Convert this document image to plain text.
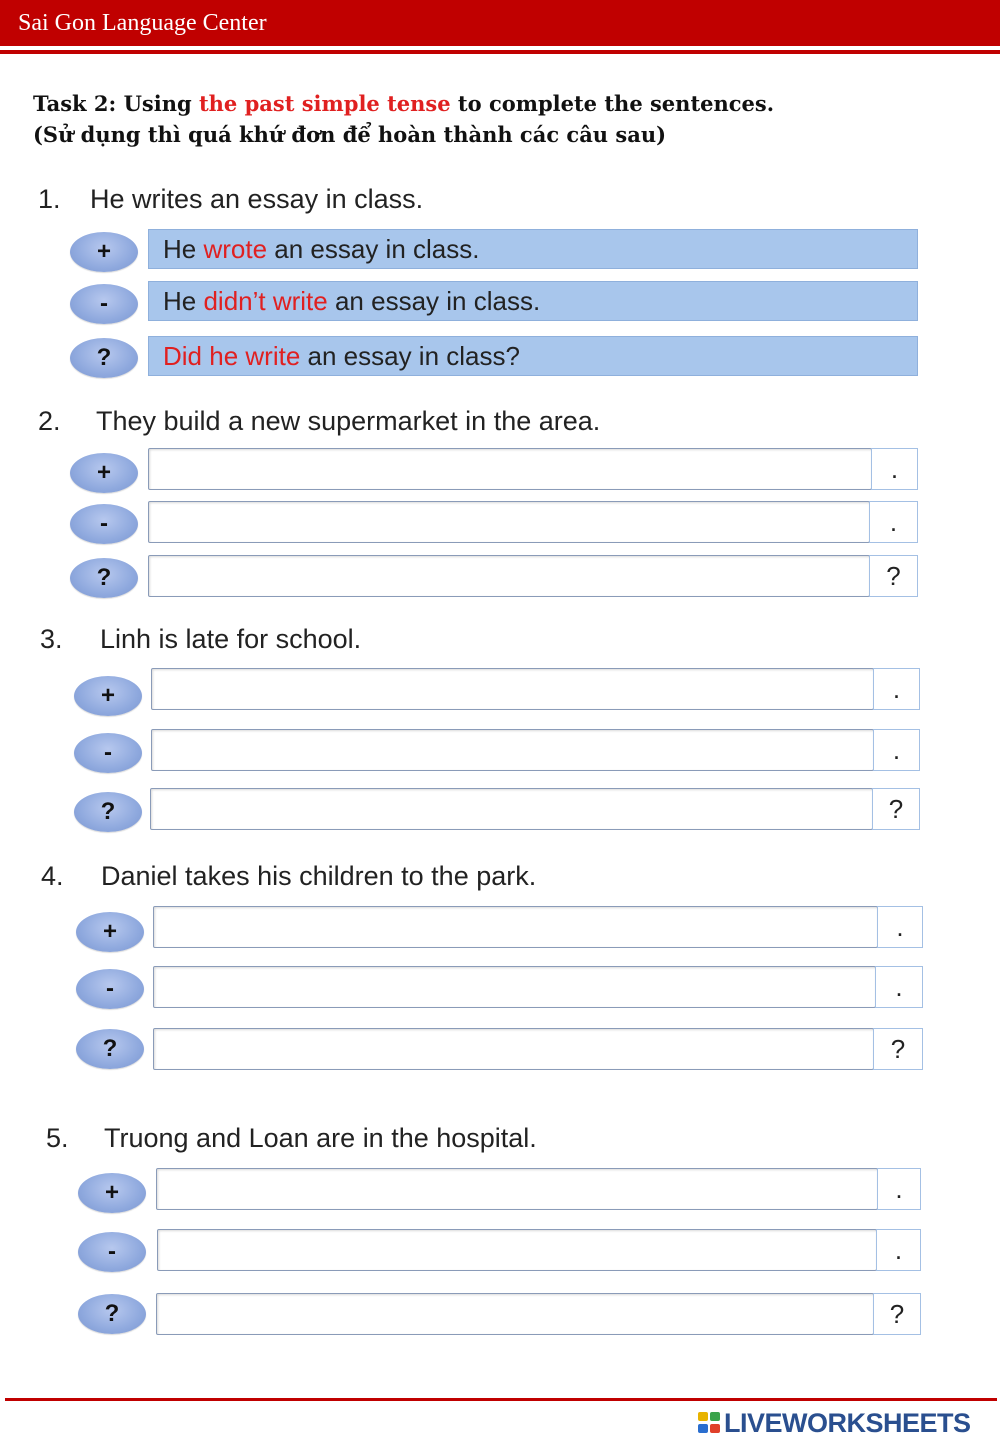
Sai Gon Language Center
Task 2: Using the past simple tense to complete the sentences.
(Sử dụng thì quá khứ đơn để hoàn thành các câu sau)
1. He writes an essay in class.
+	He wrote an essay in class.
-	He didn’t write an essay in class.
?	Did he write an essay in class?
2. They build a new supermarket in the area.
+	.
-	.
?	?
3. Linh is late for school.
+	.
-	.
?	?
4. Daniel takes his children to the park.
+	.
-	.
?	?
5. Truong and Loan are in the hospital.
+	.
-	.
?	?
LIVEWORKSHEETS
